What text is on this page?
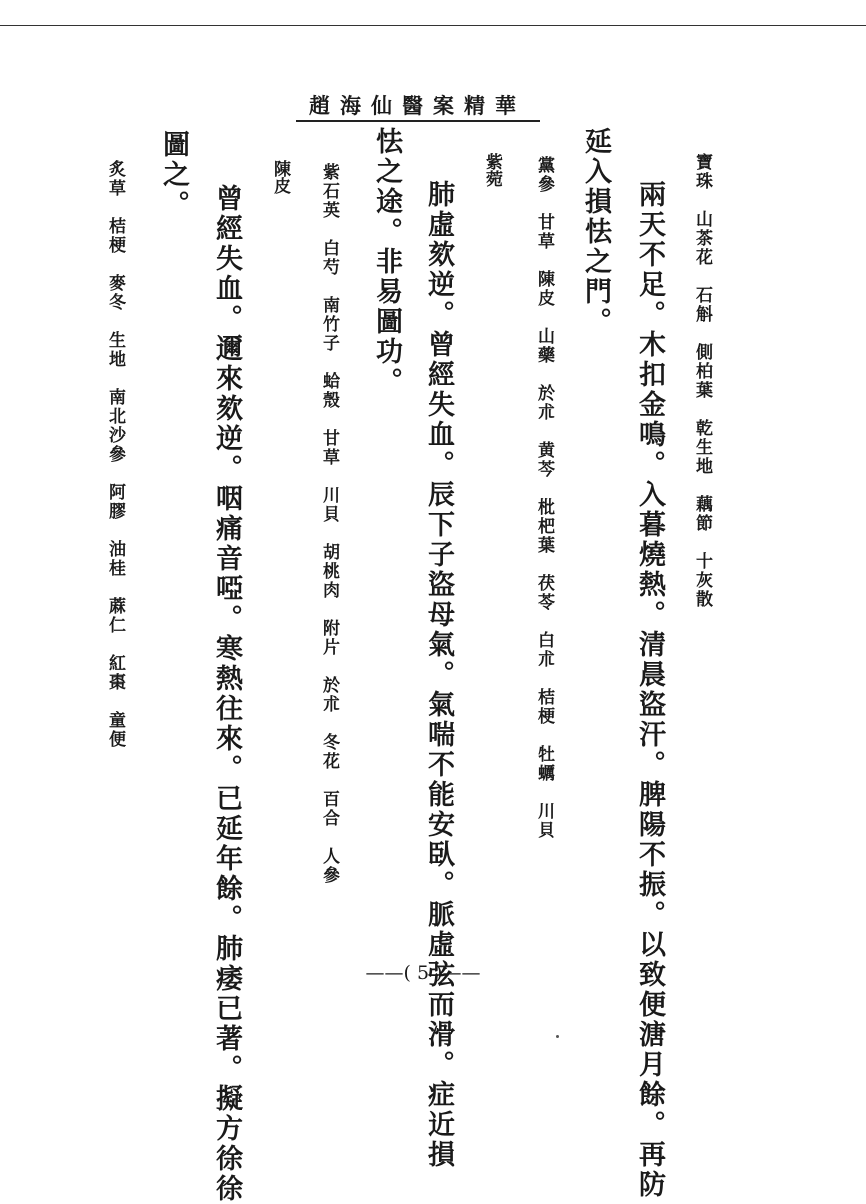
趙海仙醫案精華
寶珠　山茶花　石斛　側柏葉　乾生地　藕節　十灰散
兩天不足。木扣金鳴。入暮燒熱。清晨盜汗。脾陽不振。以致便溏月餘。再防
延入損怯之門。
黨參　甘草　陳皮　山藥　於朮　黄芩　枇杷葉　茯苓　白朮　桔梗　牡蠣　川貝
紫菀
肺虛欬逆。曾經失血。辰下子盜母氣。氣喘不能安臥。脈虛弦而滑。症近損
怯之途。非易圖功。
紫石英　白芍　南竹子　蛤殼　甘草　川貝　胡桃肉　附片　於朮　冬花　百合　人參
陳皮
曾經失血。邇來欬逆。咽痛音啞。寒熱往來。已延年餘。肺痿已著。擬方徐徐
圖之。
炙草　桔梗　麥冬　生地　南北沙參　阿膠　油桂　蔴仁　紅棗　童便
——( 5 )——
